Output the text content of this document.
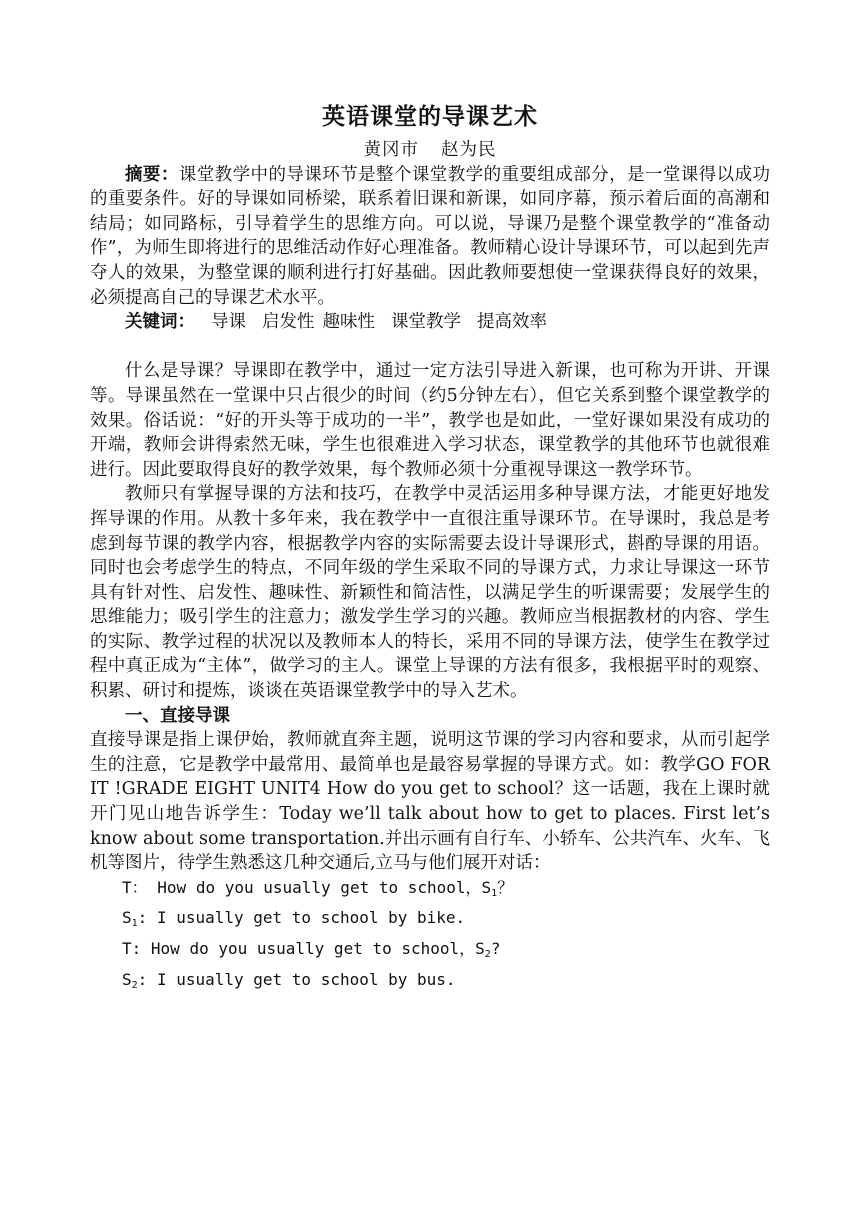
英语课堂的导课艺术
黄冈市 赵为民

摘要：课堂教学中的导课环节是整个课堂教学的重要组成部分，是一堂课得以成功的重要条件。好的导课如同桥梁，联系着旧课和新课，如同序幕，预示着后面的高潮和结局；如同路标，引导着学生的思维方向。可以说，导课乃是整个课堂教学的“准备动作”，为师生即将进行的思维活动作好心理准备。教师精心设计导课环节，可以起到先声夺人的效果，为整堂课的顺利进行打好基础。因此教师要想使一堂课获得良好的效果，必须提高自己的导课艺术水平。

关键词： 导课 启发性 趣味性 课堂教学 提高效率

什么是导课？导课即在教学中，通过一定方法引导进入新课，也可称为开讲、开课等。导课虽然在一堂课中只占很少的时间（约5分钟左右），但它关系到整个课堂教学的效果。俗话说：“好的开头等于成功的一半”，教学也是如此，一堂好课如果没有成功的开端，教师会讲得索然无味，学生也很难进入学习状态，课堂教学的其他环节也就很难进行。因此要取得良好的教学效果，每个教师必须十分重视导课这一教学环节。

教师只有掌握导课的方法和技巧，在教学中灵活运用多种导课方法，才能更好地发挥导课的作用。从教十多年来，我在教学中一直很注重导课环节。在导课时，我总是考虑到每节课的教学内容，根据教学内容的实际需要去设计导课形式，斟酌导课的用语。同时也会考虑学生的特点，不同年级的学生采取不同的导课方式，力求让导课这一环节具有针对性、启发性、趣味性、新颖性和简洁性，以满足学生的听课需要；发展学生的思维能力；吸引学生的注意力；激发学生学习的兴趣。教师应当根据教材的内容、学生的实际、教学过程的状况以及教师本人的特长，采用不同的导课方法，使学生在教学过程中真正成为“主体”，做学习的主人。课堂上导课的方法有很多，我根据平时的观察、积累、研讨和提炼，谈谈在英语课堂教学中的导入艺术。

一、直接导课

直接导课是指上课伊始，教师就直奔主题，说明这节课的学习内容和要求，从而引起学生的注意，它是教学中最常用、最简单也是最容易掌握的导课方式。

如：教学GO FOR IT !GRADE EIGHT UNIT4 How do you get to school？这一话题，我在上课时就开门见山地告诉学生：Today we’ll talk about how to get to places. First let’s know about some transportation.并出示画有自行车、小轿车、公共汽车、火车、飞机等图片，待学生熟悉这几种交通后,立马与他们展开对话：

T： How do you usually get to school，$S_1$？

$S_1$: I usually get to school by bike.

T: How do you usually get to school，$S_2$?

$S_2$: I usually get to school by bus.
